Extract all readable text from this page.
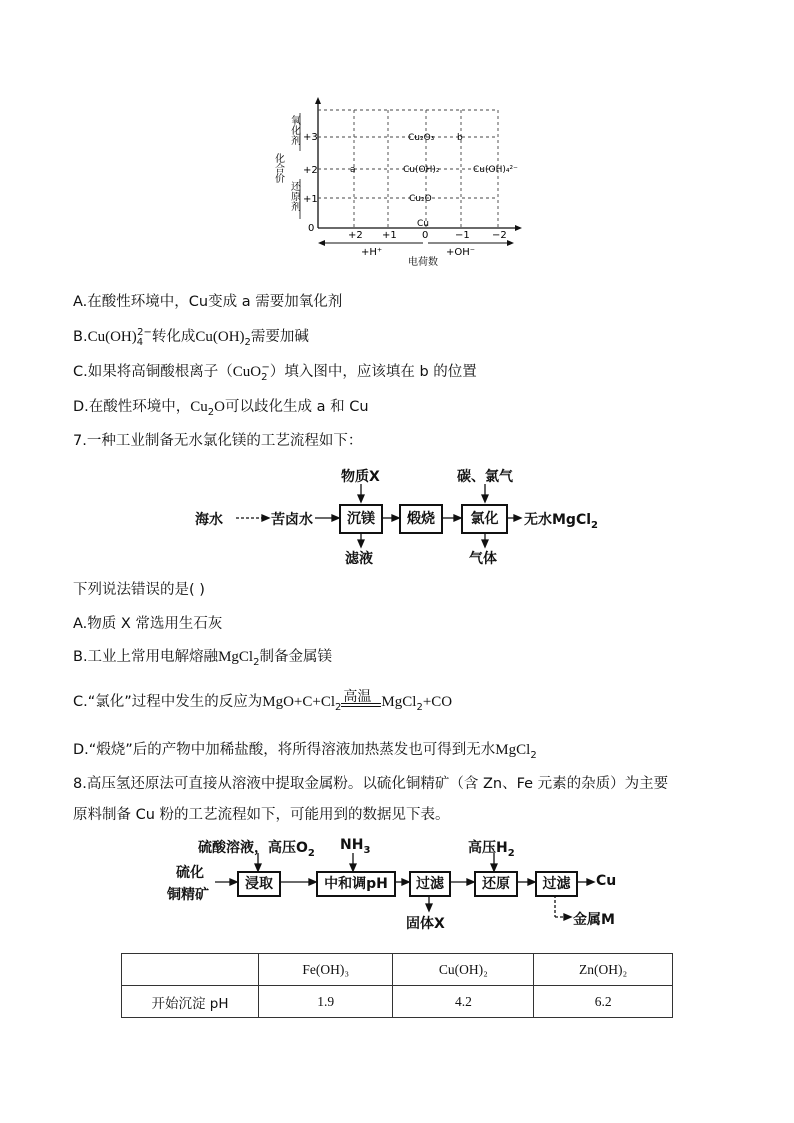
+3
+2
+1
0
氧化剂
还原剂
化合价
Cu₂O₃	b
a	Cu(OH)₂	Cu(OH)₄²⁻
Cu₂O
Cu
+2 +1	0	−1 −2
+H⁺	+OH⁻
电荷数
A.在酸性环境中，Cu变成 a 需要加氧化剂
$B.Cu(OH)_4^{2-}$转化成$Cu(OH)_2$需要加碱
C.如果将高铜酸根离子（CuO$_2$−）填入图中，应该填在 b 的位置
D.在酸性环境中，$Cu_2O$可以歧化生成 a 和 Cu
7.一种工业制备无水氯化镁的工艺流程如下：
海水	苦卤水	沉镁	煅烧	氯化	无水MgCl$_2$
物质X	碳、氯气
滤液	气体
下列说法错误的是( )
A.物质 X 常选用生石灰
B.工业上常用电解熔融MgCl$_2$制备金属镁
C.“氯化”过程中发生的反应为$MgO+C+Cl_2$
高温 MgCl$_2$+CO
D.“煅烧”后的产物中加稀盐酸，将所得溶液加热蒸发也可得到无水MgCl$_2$
8.高压氢还原法可直接从溶液中提取金属粉。以硫化铜精矿（含 Zn、Fe 元素的杂质）为主要
原料制备 Cu 粉的工艺流程如下，可能用到的数据见下表。
硫化
铜精矿
硫酸溶液，高压$O_2$
$NH_3$	高压$H_2$
浸取	中和调pH	过滤	还原	过滤	Cu
固体X	金属M
	Fe(OH)₃	Cu(OH)₂	Zn(OH)₂
开始沉淀 pH	1.9	4.2	6.2
